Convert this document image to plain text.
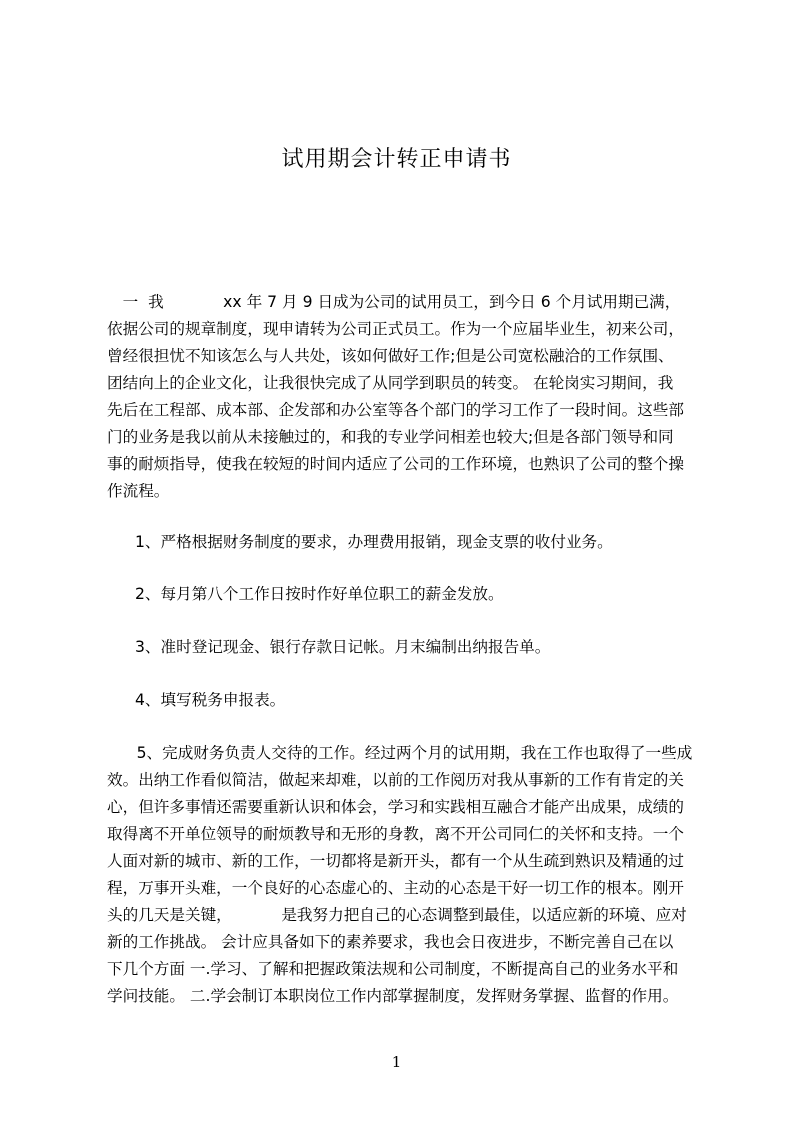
试用期会计转正申请书
　一  我            xx 年 7 月 9 日成为公司的试用员工，到今日 6 个月试用期已满，
依据公司的规章制度，现申请转为公司正式员工。作为一个应届毕业生，初来公司，
曾经很担忧不知该怎么与人共处，该如何做好工作;但是公司宽松融洽的工作氛围、
团结向上的企业文化，让我很快完成了从同学到职员的转变。 在轮岗实习期间，我
先后在工程部、成本部、企发部和办公室等各个部门的学习工作了一段时间。这些部
门的业务是我以前从未接触过的，和我的专业学问相差也较大;但是各部门领导和同
事的耐烦指导，使我在较短的时间内适应了公司的工作环境，也熟识了公司的整个操
作流程。
1、严格根据财务制度的要求，办理费用报销，现金支票的收付业务。
2、每月第八个工作日按时作好单位职工的薪金发放。
3、准时登记现金、银行存款日记帐。月末编制出纳报告单。
4、填写税务申报表。
　5、完成财务负责人交待的工作。经过两个月的试用期，我在工作也取得了一些成
效。出纳工作看似简洁，做起来却难，以前的工作阅历对我从事新的工作有肯定的关
心，但许多事情还需要重新认识和体会，学习和实践相互融合才能产出成果，成绩的
取得离不开单位领导的耐烦教导和无形的身教，离不开公司同仁的关怀和支持。一个
人面对新的城市、新的工作，一切都将是新开头，都有一个从生疏到熟识及精通的过
程，万事开头难，一个良好的心态虚心的、主动的心态是干好一切工作的根本。刚开
头的几天是关键，          是我努力把自己的心态调整到最佳，以适应新的环境、应对
新的工作挑战。 会计应具备如下的素养要求，我也会日夜进步，不断完善自己在以
下几个方面 一.学习、了解和把握政策法规和公司制度，不断提高自己的业务水平和
学问技能。 二.学会制订本职岗位工作内部掌握制度，发挥财务掌握、监督的作用。
1
